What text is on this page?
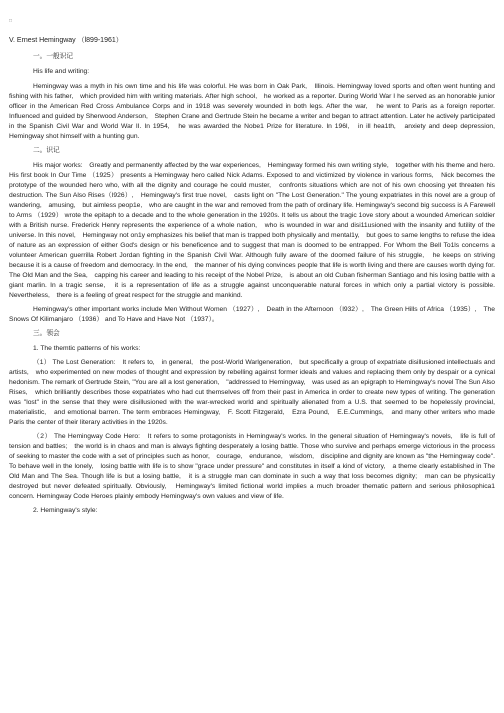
□

V. Ernest Hemingway （l899-1961）

一。一般识记

His life and writing:

Hemingway was a myth in his own time and his life was colorful. He was born in Oak Park,　Illinois. Hemingway loved sports and often went hunting and fishing with his father,　which provided him with writing materials. After high school,　he worked as a reporter. During World War I he served as an honorable junior officer in the American Red Cross Ambulance Corps and in 1918 was severely wounded in both legs. After the war,　he went to Paris as a foreign reporter. Influenced and guided by Sherwood Anderson,　Stephen Crane and Gertrude Stein he became a writer and began to attract attention. Later he actively participated in the Spanish Civil War and World War II. In 1954,　he was awarded the Nobe1 Prize for literature. In 196l,　in ill hea1th,　anxiety and deep depression,　Hemingway shot himself with a hunting gun.

二。识记

His major works:　Greatly and permanently affected by the war experiences,　Hemingway formed his own writing style,　together with his theme and hero. His first book In Our Time （1925） presents a Hemingway hero called Nick Adams. Exposed to and victimized by violence in various forms,　Nick becomes the prototype of the wounded hero who, with all the dignity and courage he could muster,　confronts situations which are not of his own choosing yet threaten his destruction. The Sun Also Rises（l926）,　Hemingway's first true novel,　casts light on "The Lost Generation." The young expatriates in this novel are a group of wandering,　amusing,　but aimless peop1e,　who are caught in the war and removed from the path of ordinary life. Hemingway's second big success is A Farewell to Arms （1929） wrote the epitaph to a decade and to the whole generation in the 1920s. It tells us about the tragic 1ove story about a wounded American soldier with a British nurse. Frederick Henry represents the experience of a whole nation,　who is wounded in war and disi11usioned with the insanity and futility of the universe. In this novel,　Hemingway not on1y emphasizes his belief that man is trapped both physically and mental1y,　but goes to same lengths to refuse the idea of nature as an expression of either God's design or his beneficence and to suggest that man is doomed to be entrapped. For Whom the Bell To1ls concerns a volunteer American guerrilla Robert Jordan fighting in the Spanish Civil War. Although fully aware of the doomed failure of his struggle,　he keeps on striving because it is a cause of freedom and democracy. In the end,　the manner of his dying convinces people that life is worth living and there are causes worth dying for. The Old Man and the Sea,　capping his career and leading to his receipt of the Nobel Prize,　is about an old Cuban fisherman Santiago and his losing battle with a giant marlin. In a tragic sense,　it is a representation of life as a struggle against unconquerable natural forces in which only a partial victory is possible. Nevertheless,　there is a feeling of great respect for the struggle and mankind.

Hemingway's other important works include Men Without Women （1927）,　Death in the Afternoon （l932）,　The Green Hills of Africa （1935）,　The Snows Of Kilimanjaro （1936） and To Have and Have Not （1937）。

三。领会

1. The themtic patterns of his works:

（1） The Lost Generation:　It refers to,　in general,　the post-World Warlgeneration,　but specifically a group of expatriate disillusioned intellectuals and artists,　who experimented on new modes of thought and expression by rebelling against former ideals and values and replacing them only by despair or a cynical hedonism. The remark of Gertrude Stein, "You are all a lost generation,　"addressed to Hemingway,　was used as an epigraph to Hemingway's novel The Sun Also Rises,　which brilliantly describes those expatriates who had cut themselves off from their past in America in order to create new types of writing. The generation was "lost" in the sense that they were disillusioned with the war-wrecked world and spiritually alienated from a U.S. that seemed to be hopelessly provincial,　materialistic,　and emotional barren. The term embraces Hemingway,　F. Scott Fitzgerald,　Ezra Pound,　E.E.Cummings,　and many other writers who made Paris the center of their literary activities in the 1920s.

（2） The Hemingway Code Hero:　It refers to some protagonists in Hemingway's works. In the general situation of Hemingway's novels,　life is full of tension and battles;　the world is in chaos and man is always fighting desperately a losing battle. Those who survive and perhaps emerge victorious in the process of seeking to master the code with a set of principles such as honor,　courage,　endurance,　wisdom,　discipline and dignity are known as "the Hemingway code". To behave well in the lonely,　losing battle with life is to show "grace under pressure" and constitutes in itself a kind of victory,　a theme clearly established in The Old Man and The Sea. Though life is but a losing battle,　it is a struggle man can dominate in such a way that loss becomes dignity;　man can be physical1y destroyed but never defeated spiritually. Obviously,　Hemingway's limited fictional world implies a much broader thematic pattern and serious philosophica1 concern. Hemingway Code Heroes plainly embody Hemingway's own values and view of life.

2. Hemingway's style:
